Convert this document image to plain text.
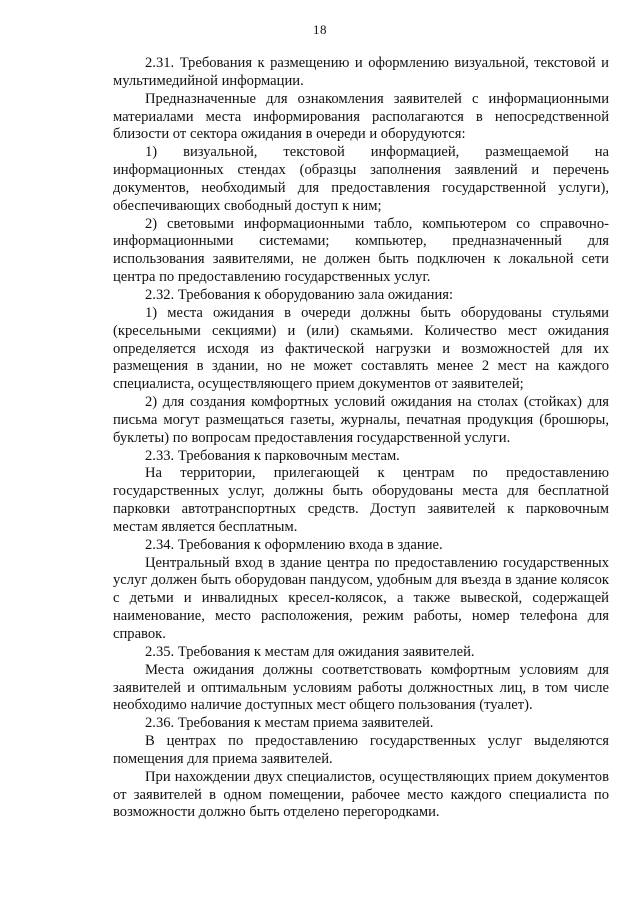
18

2.31. Требования к размещению и оформлению визуальной, текстовой и мультимедийной информации.

Предназначенные для ознакомления заявителей с информационными материалами места информирования располагаются в непосредственной близости от сектора ожидания в очереди и оборудуются:

1) визуальной, текстовой информацией, размещаемой на информационных стендах (образцы заполнения заявлений и перечень документов, необходимый для предоставления государственной услуги), обеспечивающих свободный доступ к ним;

2) световыми информационными табло, компьютером со справочно-информационными системами; компьютер, предназначенный для использования заявителями, не должен быть подключен к локальной сети центра по предоставлению государственных услуг.

2.32. Требования к оборудованию зала ожидания:

1) места ожидания в очереди должны быть оборудованы стульями (кресельными секциями) и (или) скамьями. Количество мест ожидания определяется исходя из фактической нагрузки и возможностей для их размещения в здании, но не может составлять менее 2 мест на каждого специалиста, осуществляющего прием документов от заявителей;

2) для создания комфортных условий ожидания на столах (стойках) для письма могут размещаться газеты, журналы, печатная продукция (брошюры, буклеты) по вопросам предоставления государственной услуги.

2.33. Требования к парковочным местам.

На территории, прилегающей к центрам по предоставлению государственных услуг, должны быть оборудованы места для бесплатной парковки автотранспортных средств. Доступ заявителей к парковочным местам является бесплатным.

2.34. Требования к оформлению входа в здание.

Центральный вход в здание центра по предоставлению государственных услуг должен быть оборудован пандусом, удобным для въезда в здание колясок с детьми и инвалидных кресел-колясок, а также вывеской, содержащей наименование, место расположения, режим работы, номер телефона для справок.

2.35. Требования к местам для ожидания заявителей.

Места ожидания должны соответствовать комфортным условиям для заявителей и оптимальным условиям работы должностных лиц, в том числе необходимо наличие доступных мест общего пользования (туалет).

2.36. Требования к местам приема заявителей.

В центрах по предоставлению государственных услуг выделяются помещения для приема заявителей.

При нахождении двух специалистов, осуществляющих прием документов от заявителей в одном помещении, рабочее место каждого специалиста по возможности должно быть отделено перегородками.
